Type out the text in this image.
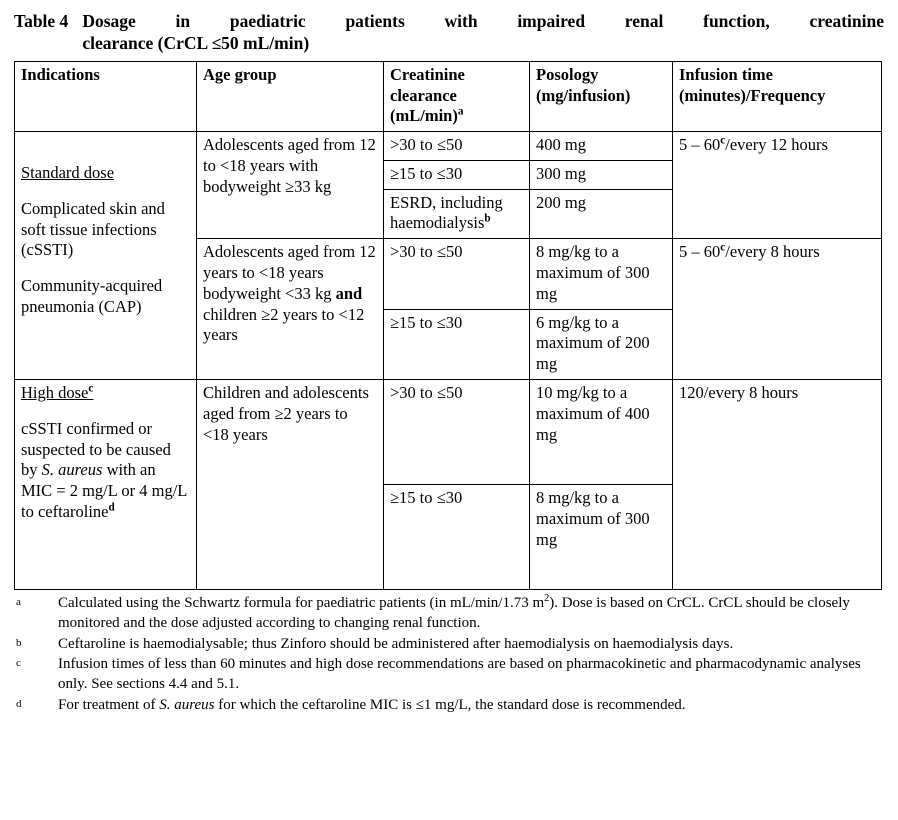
Table 4 Dosage in paediatric patients with impaired renal function, creatinine
clearance (CrCL ≤50 mL/min)
Indications	Age group	Creatinine clearance $(mL/\min)^a$	Posology (mg/infusion)	Infusion time (minutes)/Frequency
Standard dose
Complicated skin and soft tissue infections (cSSTI)
Community-acquired pneumonia (CAP)	Adolescents aged from 12 to <18 years with bodyweight ≥33 kg	>30 to ≤50	400 mg	5 – 60$^c$/every 12 hours
		≥15 to ≤30	300 mg	
		ESRD, including haemodialysis$^b$	200 mg	
	Adolescents aged from 12 years to <18 years bodyweight <33 kg and children ≥2 years to <12 years	>30 to ≤50	8 mg/kg to a maximum of 300 mg	5 – 60$^c$/every 8 hours
		≥15 to ≤30	6 mg/kg to a maximum of 200 mg	
High dose$^c$
cSSTI confirmed or suspected to be caused by S. aureus with an MIC = 2 mg/L or 4 mg/L to ceftaroline$^d$	Children and adolescents aged from ≥2 years to <18 years	>30 to ≤50	10 mg/kg to a maximum of 400 mg	120/every 8 hours
		≥15 to ≤30	8 mg/kg to a maximum of 300 mg	
a	Calculated using the Schwartz formula for paediatric patients (in mL/min/1.73 $m^2$). Dose is based on CrCL. CrCL should be closely monitored and the dose adjusted according to changing renal function.
b	Ceftaroline is haemodialysable; thus Zinforo should be administered after haemodialysis on haemodialysis days.
c	Infusion times of less than 60 minutes and high dose recommendations are based on pharmacokinetic and pharmacodynamic analyses only. See sections 4.4 and 5.1.
d	For treatment of S. aureus for which the ceftaroline MIC is ≤1 mg/L, the standard dose is recommended.
